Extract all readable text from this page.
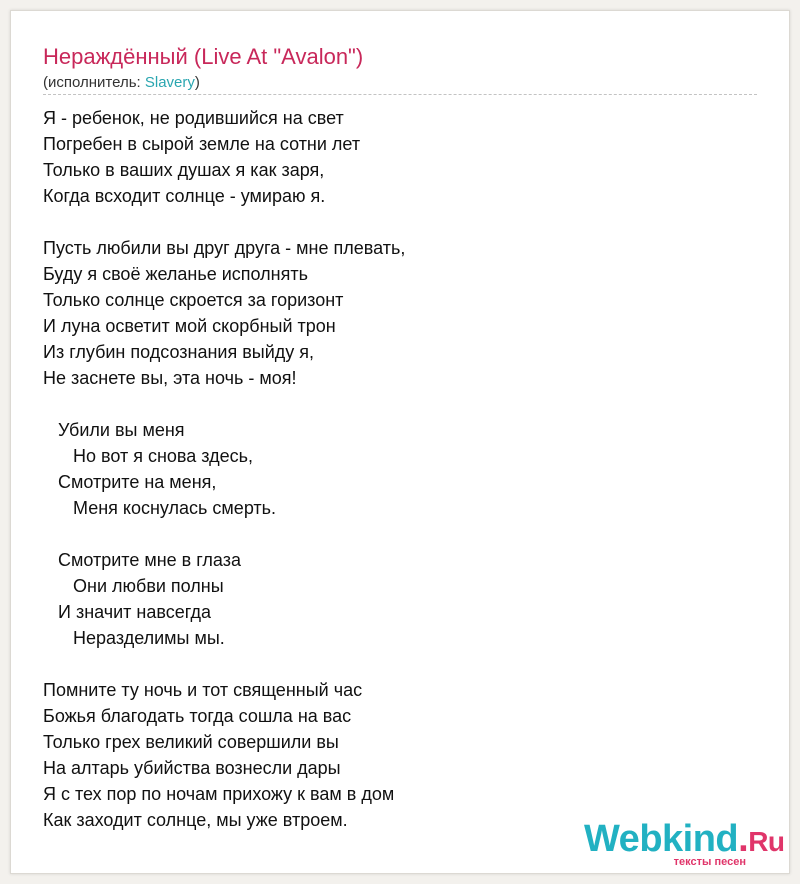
Нераждённый (Live At "Avalon")
(исполнитель: Slavery)
Я - ребенок, не родившийся на свет
Погребен в сырой земле на сотни лет
Только в ваших душах я как заря,
Когда всходит солнце - умираю я.

Пусть любили вы друг друга - мне плевать,
Буду я своё желанье исполнять
Только солнце скроется за горизонт
И луна осветит мой скорбный трон
Из глубин подсознания выйду я,
Не заснете вы, эта ночь - моя!

Убили вы меня
Но вот я снова здесь,
Смотрите на меня,
Меня коснулась смерть.

Смотрите мне в глаза
Они любви полны
И значит навсегда
Неразделимы мы.

Помните ту ночь и тот священный час
Божья благодать тогда сошла на вас
Только грех великий совершили вы
На алтарь убийства вознесли дары
Я с тех пор по ночам прихожу к вам в дом
Как заходит солнце, мы уже втроем.	Webkind.Ru
тексты песен
